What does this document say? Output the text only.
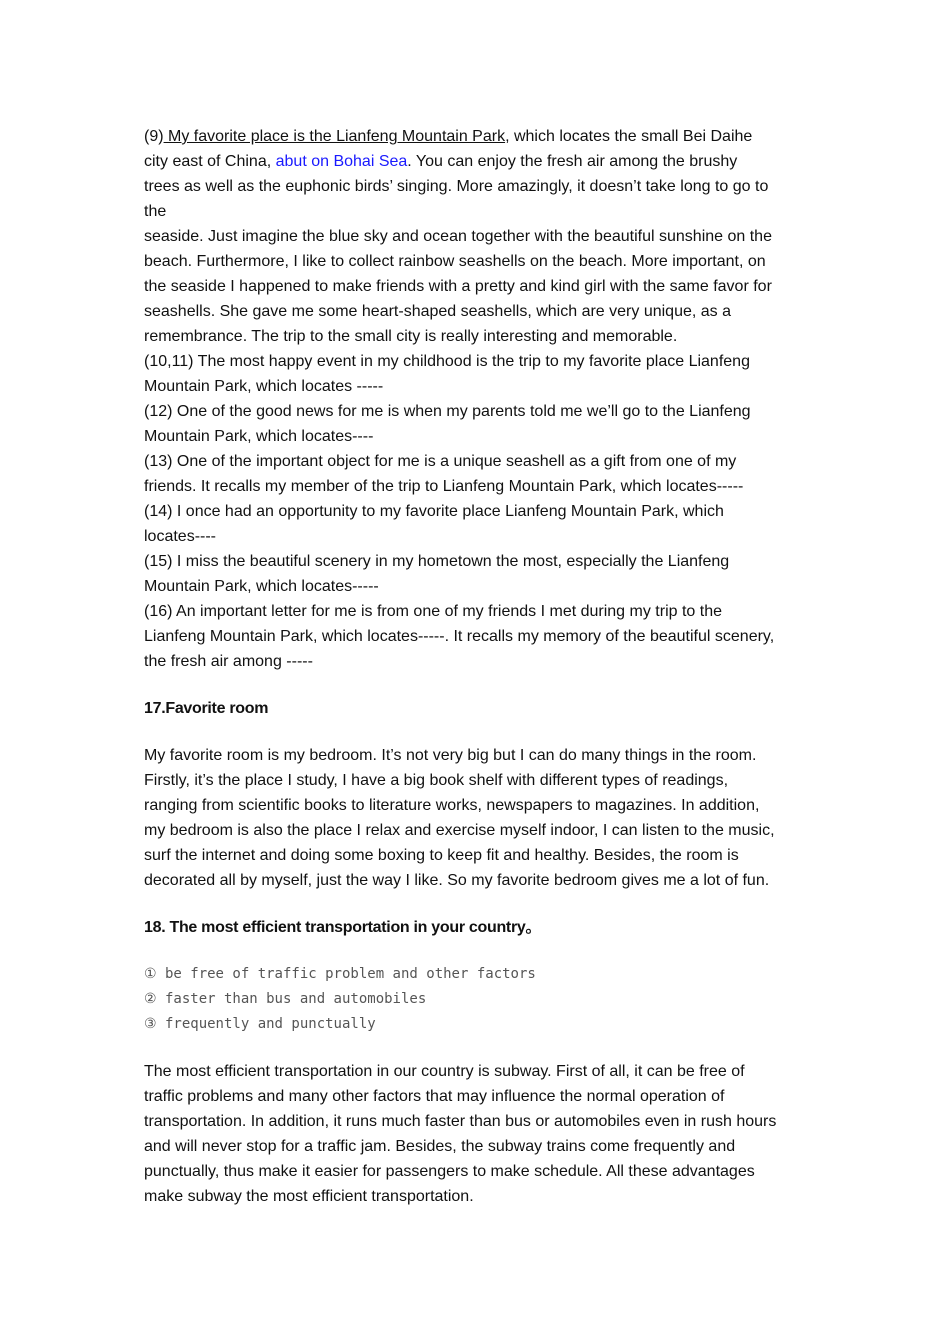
(9) My favorite place is the Lianfeng Mountain Park, which locates the small Bei Daihe
city east of China, abut on Bohai Sea. You can enjoy the fresh air among the brushy
trees as well as the euphonic birds’ singing. More amazingly, it doesn’t take long to go to
the
seaside. Just imagine the blue sky and ocean together with the beautiful sunshine on the
beach. Furthermore, I like to collect rainbow seashells on the beach. More important, on
the seaside I happened to make friends with a pretty and kind girl with the same favor for
seashells. She gave me some heart-shaped seashells, which are very unique, as a
remembrance. The trip to the small city is really interesting and memorable.
(10,11) The most happy event in my childhood is the trip to my favorite place Lianfeng
Mountain Park, which locates -----
(12) One of the good news for me is when my parents told me we’ll go to the Lianfeng
Mountain Park, which locates----
(13) One of the important object for me is a unique seashell as a gift from one of my
friends. It recalls my member of the trip to Lianfeng Mountain Park, which locates-----
(14) I once had an opportunity to my favorite place Lianfeng Mountain Park, which
locates----
(15) I miss the beautiful scenery in my hometown the most, especially the Lianfeng
Mountain Park, which locates-----
(16) An important letter for me is from one of my friends I met during my trip to the
Lianfeng Mountain Park, which locates-----. It recalls my memory of the beautiful scenery,
the fresh air among -----
17.Favorite room
My favorite room is my bedroom. It’s not very big but I can do many things in the room.
Firstly, it’s the place I study, I have a big book shelf with different types of readings,
ranging from scientific books to literature works, newspapers to magazines. In addition,
my bedroom is also the place I relax and exercise myself indoor, I can listen to the music,
surf the internet and doing some boxing to keep fit and healthy. Besides, the room is
decorated all by myself, just the way I like. So my favorite bedroom gives me a lot of fun.
18. The most efficient transportation in your country。
① be free of traffic problem and other factors
② faster than bus and automobiles
③ frequently and punctually
The most efficient transportation in our country is subway. First of all, it can be free of
traffic problems and many other factors that may influence the normal operation of
transportation. In addition, it runs much faster than bus or automobiles even in rush hours
and will never stop for a traffic jam. Besides, the subway trains come frequently and
punctually, thus make it easier for passengers to make schedule. All these advantages
make subway the most efficient transportation.
